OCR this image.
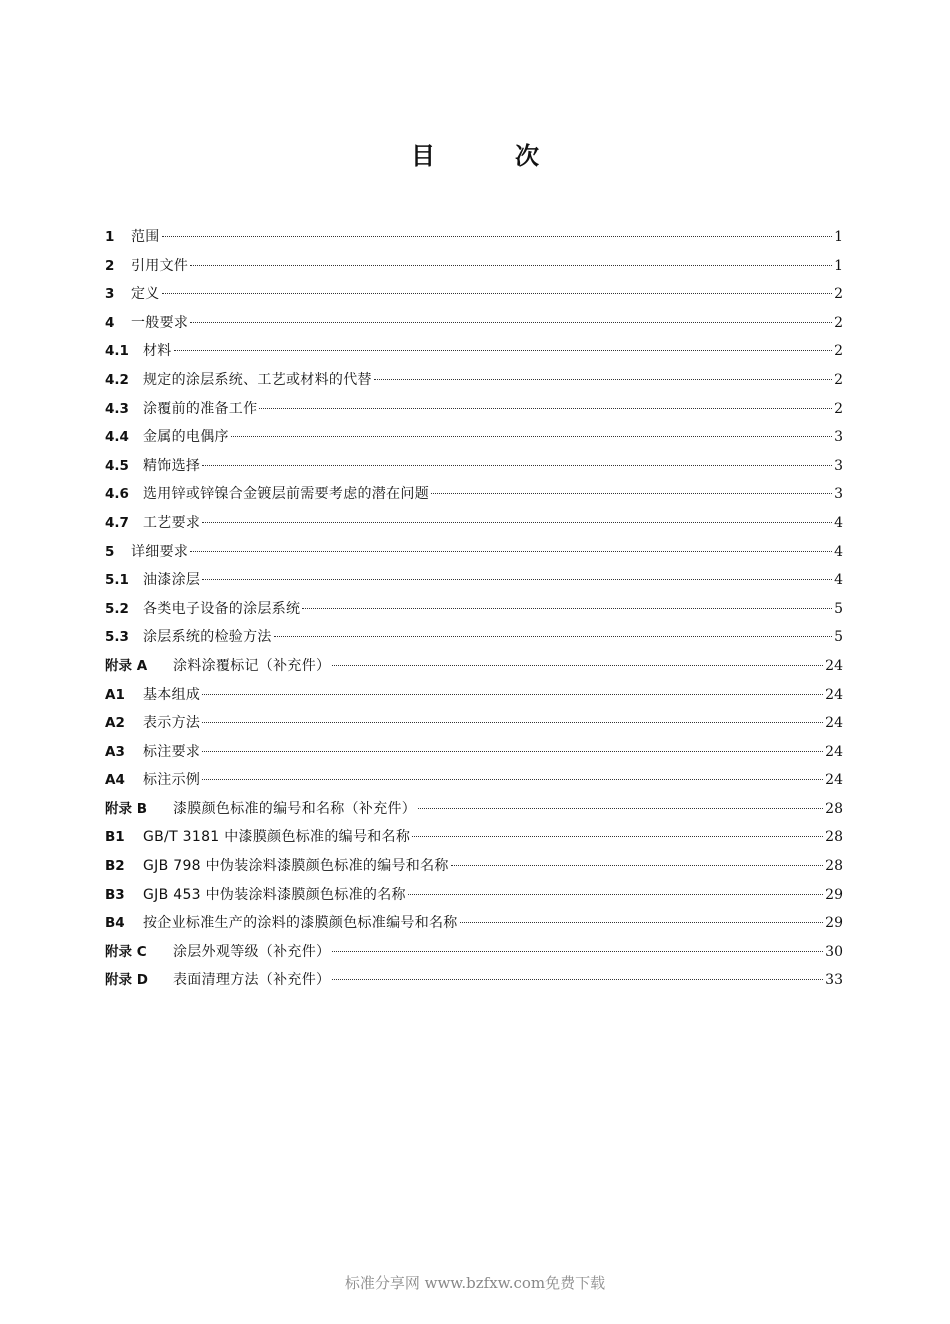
目	次
1	范围	1
2	引用文件	1
3	定义	2
4	一般要求	2
4.1	材料	2
4.2	规定的涂层系统、工艺或材料的代替	2
4.3	涂覆前的准备工作	2
4.4	金属的电偶序	3
4.5	精饰选择	3
4.6	选用锌或锌镍合金镀层前需要考虑的潜在问题	3
4.7	工艺要求	4
5	详细要求	4
5.1	油漆涂层	4
5.2	各类电子设备的涂层系统	5
5.3	涂层系统的检验方法	5
附录 A	涂料涂覆标记（补充件）	24
A1	基本组成	24
A2	表示方法	24
A3	标注要求	24
A4	标注示例	24
附录 B	漆膜颜色标准的编号和名称（补充件）	28
B1	GB/T 3181 中漆膜颜色标准的编号和名称	28
B2	GJB 798 中伪装涂料漆膜颜色标准的编号和名称	28
B3	GJB 453 中伪装涂料漆膜颜色标准的名称	29
B4	按企业标准生产的涂料的漆膜颜色标准编号和名称	29
附录 C	涂层外观等级（补充件）	30
附录 D	表面清理方法（补充件）	33
标准分享网 www.bzfxw.com免费下载
